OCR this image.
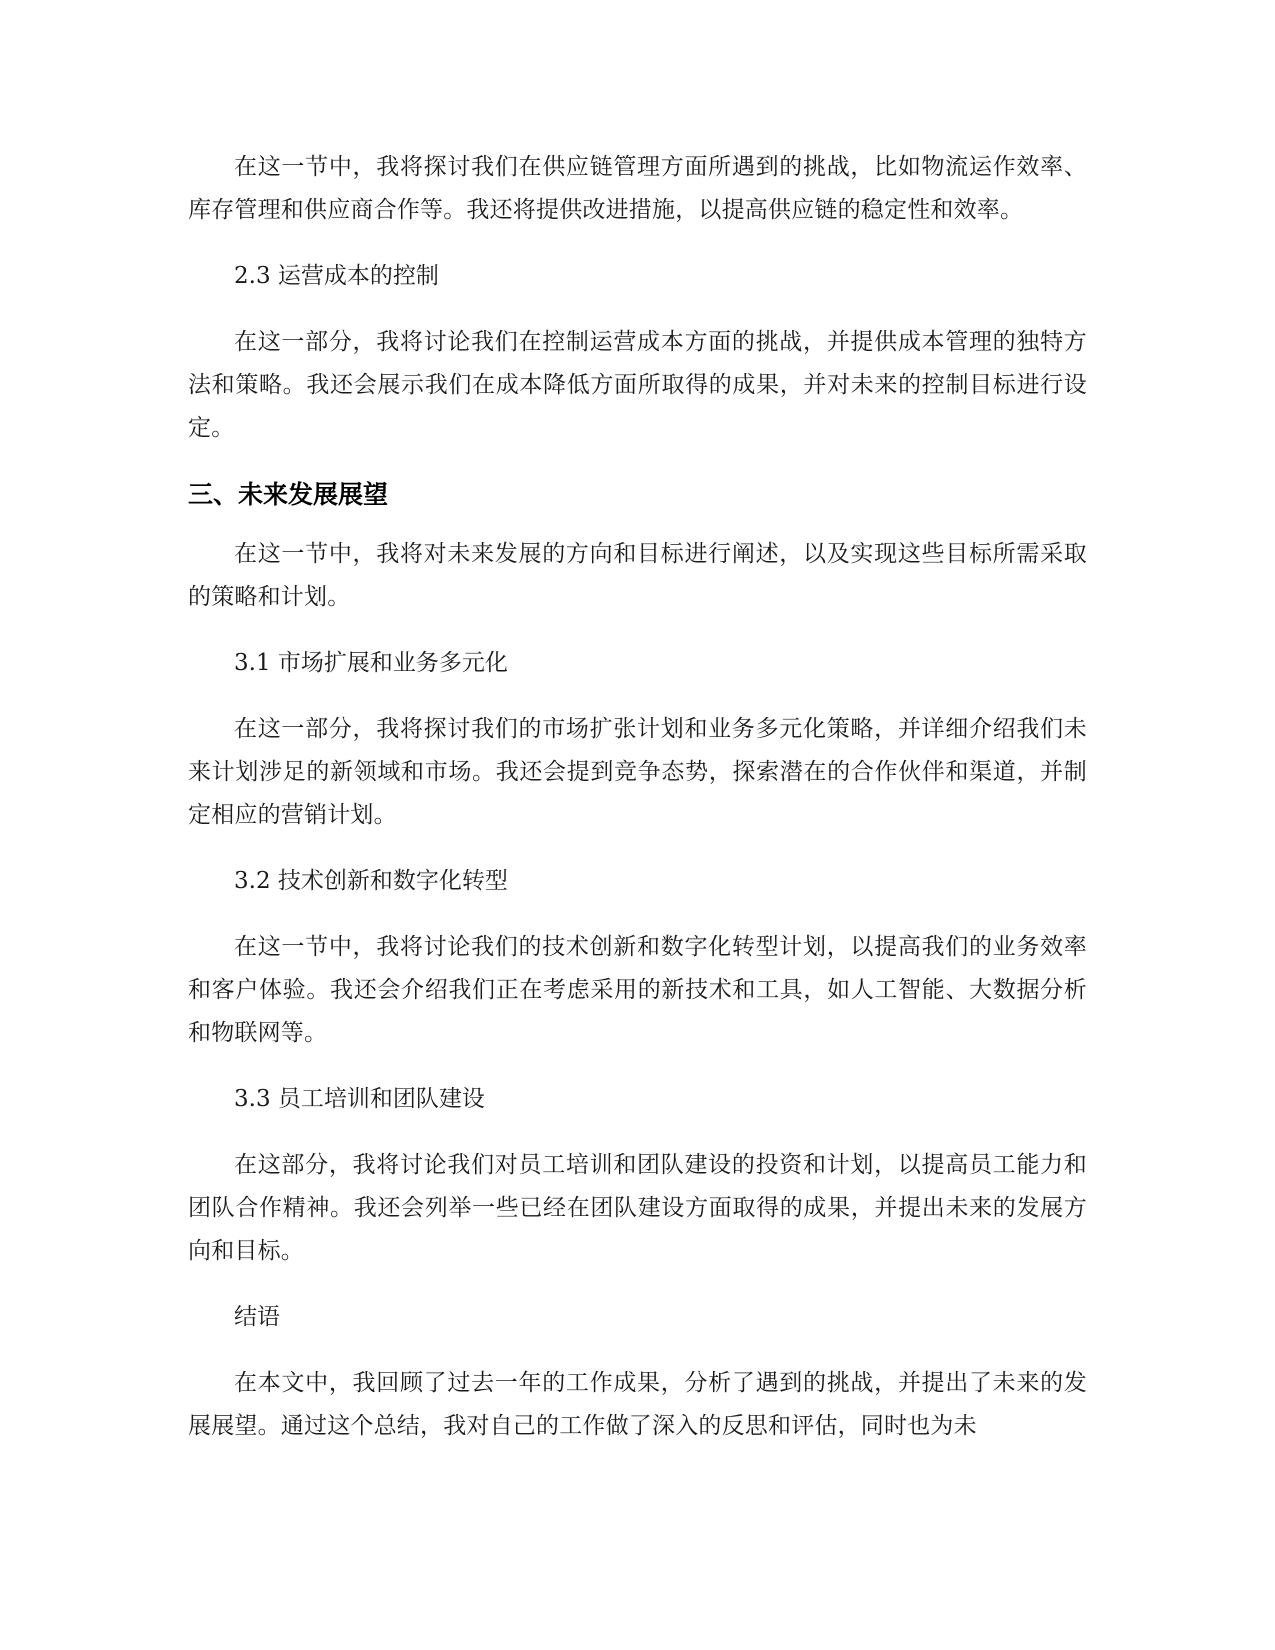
在这一节中，我将探讨我们在供应链管理方面所遇到的挑战，比如物流运作效率、库存管理和供应商合作等。我还将提供改进措施，以提高供应链的稳定性和效率。

2.3 运营成本的控制

在这一部分，我将讨论我们在控制运营成本方面的挑战，并提供成本管理的独特方法和策略。我还会展示我们在成本降低方面所取得的成果，并对未来的控制目标进行设定。

三、未来发展展望

在这一节中，我将对未来发展的方向和目标进行阐述，以及实现这些目标所需采取的策略和计划。

3.1 市场扩展和业务多元化

在这一部分，我将探讨我们的市场扩张计划和业务多元化策略，并详细介绍我们未来计划涉足的新领域和市场。我还会提到竞争态势，探索潜在的合作伙伴和渠道，并制定相应的营销计划。

3.2 技术创新和数字化转型

在这一节中，我将讨论我们的技术创新和数字化转型计划，以提高我们的业务效率和客户体验。我还会介绍我们正在考虑采用的新技术和工具，如人工智能、大数据分析和物联网等。

3.3 员工培训和团队建设

在这部分，我将讨论我们对员工培训和团队建设的投资和计划，以提高员工能力和团队合作精神。我还会列举一些已经在团队建设方面取得的成果，并提出未来的发展方向和目标。

结语

在本文中，我回顾了过去一年的工作成果，分析了遇到的挑战，并提出了未来的发展展望。通过这个总结，我对自己的工作做了深入的反思和评估，同时也为未
